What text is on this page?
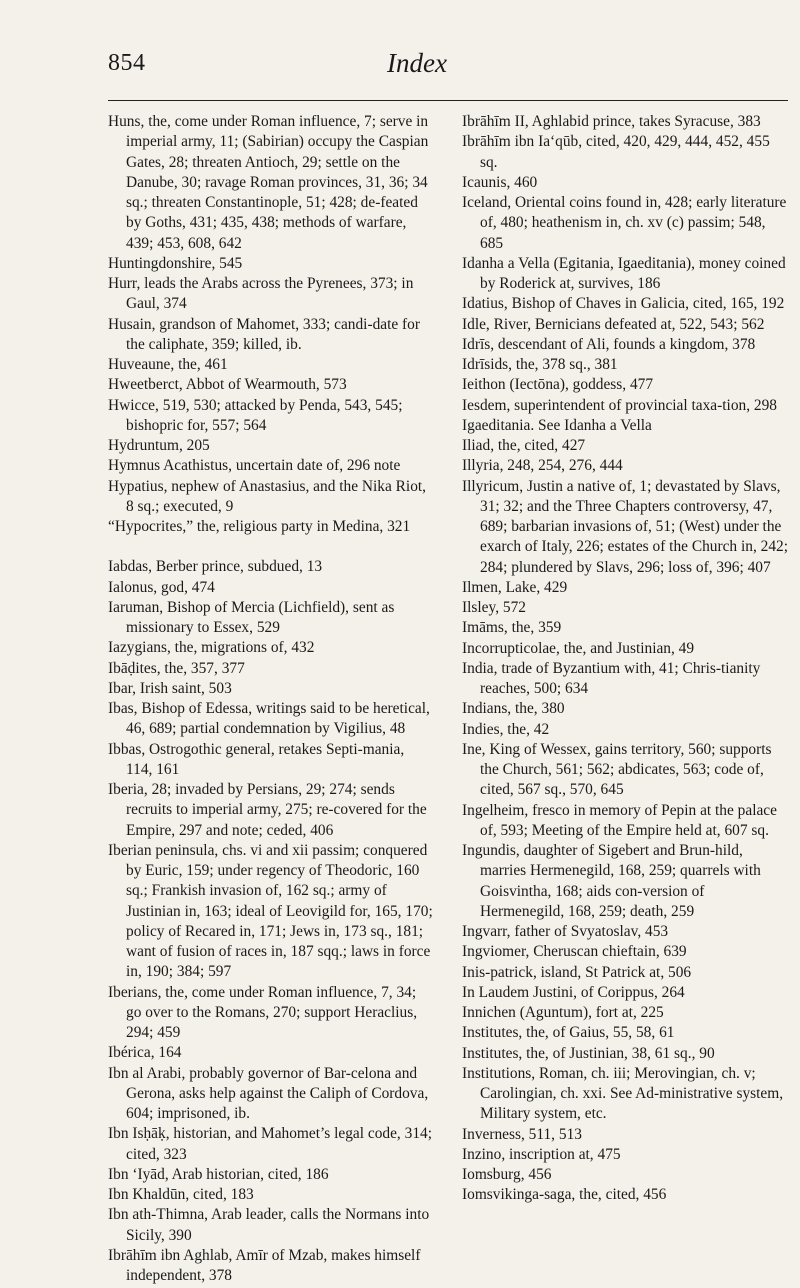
854	Index

Huns, the, come under Roman influence, 7; serve in imperial army, 11; (Sabirian) occupy the Caspian Gates, 28; threaten Antioch, 29; settle on the Danube, 30; ravage Roman provinces, 31, 36; 34 sq.; threaten Constantinople, 51; 428; de-feated by Goths, 431; 435, 438; methods of warfare, 439; 453, 608, 642

Huntingdonshire, 545

Hurr, leads the Arabs across the Pyrenees, 373; in Gaul, 374

Husain, grandson of Mahomet, 333; candi-date for the caliphate, 359; killed, ib.

Huveaune, the, 461

Hweetberct, Abbot of Wearmouth, 573

Hwicce, 519, 530; attacked by Penda, 543, 545; bishopric for, 557; 564

Hydruntum, 205

Hymnus Acathistus, uncertain date of, 296 note

Hypatius, nephew of Anastasius, and the Nika Riot, 8 sq.; executed, 9

“Hypocrites,” the, religious party in Medina, 321

Iabdas, Berber prince, subdued, 13

Ialonus, god, 474

Iaruman, Bishop of Mercia (Lichfield), sent as missionary to Essex, 529

Iazygians, the, migrations of, 432

Ibāḍites, the, 357, 377

Ibar, Irish saint, 503

Ibas, Bishop of Edessa, writings said to be heretical, 46, 689; partial condemnation by Vigilius, 48

Ibbas, Ostrogothic general, retakes Septi-mania, 114, 161

Iberia, 28; invaded by Persians, 29; 274; sends recruits to imperial army, 275; re-covered for the Empire, 297 and note; ceded, 406

Iberian peninsula, chs. vi and xii passim; conquered by Euric, 159; under regency of Theodoric, 160 sq.; Frankish invasion of, 162 sq.; army of Justinian in, 163; ideal of Leovigild for, 165, 170; policy of Recared in, 171; Jews in, 173 sq., 181; want of fusion of races in, 187 sqq.; laws in force in, 190; 384; 597

Iberians, the, come under Roman influence, 7, 34; go over to the Romans, 270; support Heraclius, 294; 459

Ibérica, 164

Ibn al Arabi, probably governor of Bar-celona and Gerona, asks help against the Caliph of Cordova, 604; imprisoned, ib.

Ibn Isḥāḳ, historian, and Mahomet’s legal code, 314; cited, 323

Ibn ‘Iyād, Arab historian, cited, 186

Ibn Khaldūn, cited, 183

Ibn ath-Thimna, Arab leader, calls the Normans into Sicily, 390

Ibrāhīm ibn Aghlab, Amīr of Mzab, makes himself independent, 378

Ibrāhīm II, Aghlabid prince, takes Syracuse, 383

Ibrāhīm ibn Ia‘qūb, cited, 420, 429, 444, 452, 455 sq.

Icaunis, 460

Iceland, Oriental coins found in, 428; early literature of, 480; heathenism in, ch. xv (c) passim; 548, 685

Idanha a Vella (Egitania, Igaeditania), money coined by Roderick at, survives, 186

Idatius, Bishop of Chaves in Galicia, cited, 165, 192

Idle, River, Bernicians defeated at, 522, 543; 562

Idrīs, descendant of Ali, founds a kingdom, 378

Idrīsids, the, 378 sq., 381

Ieithon (Iectōna), goddess, 477

Iesdem, superintendent of provincial taxa-tion, 298

Igaeditania. See Idanha a Vella

Iliad, the, cited, 427

Illyria, 248, 254, 276, 444

Illyricum, Justin a native of, 1; devastated by Slavs, 31; 32; and the Three Chapters controversy, 47, 689; barbarian invasions of, 51; (West) under the exarch of Italy, 226; estates of the Church in, 242; 284; plundered by Slavs, 296; loss of, 396; 407

Ilmen, Lake, 429

Ilsley, 572

Imāms, the, 359

Incorrupticolae, the, and Justinian, 49

India, trade of Byzantium with, 41; Chris-tianity reaches, 500; 634

Indians, the, 380

Indies, the, 42

Ine, King of Wessex, gains territory, 560; supports the Church, 561; 562; abdicates, 563; code of, cited, 567 sq., 570, 645

Ingelheim, fresco in memory of Pepin at the palace of, 593; Meeting of the Empire held at, 607 sq.

Ingundis, daughter of Sigebert and Brun-hild, marries Hermenegild, 168, 259; quarrels with Goisvintha, 168; aids con-version of Hermenegild, 168, 259; death, 259

Ingvarr, father of Svyatoslav, 453

Ingviomer, Cheruscan chieftain, 639

Inis-patrick, island, St Patrick at, 506

In Laudem Justini, of Corippus, 264

Innichen (Aguntum), fort at, 225

Institutes, the, of Gaius, 55, 58, 61

Institutes, the, of Justinian, 38, 61 sq., 90

Institutions, Roman, ch. iii; Merovingian, ch. v; Carolingian, ch. xxi. See Ad-ministrative system, Military system, etc.

Inverness, 511, 513

Inzino, inscription at, 475

Iomsburg, 456

Iomsvikinga-saga, the, cited, 456
